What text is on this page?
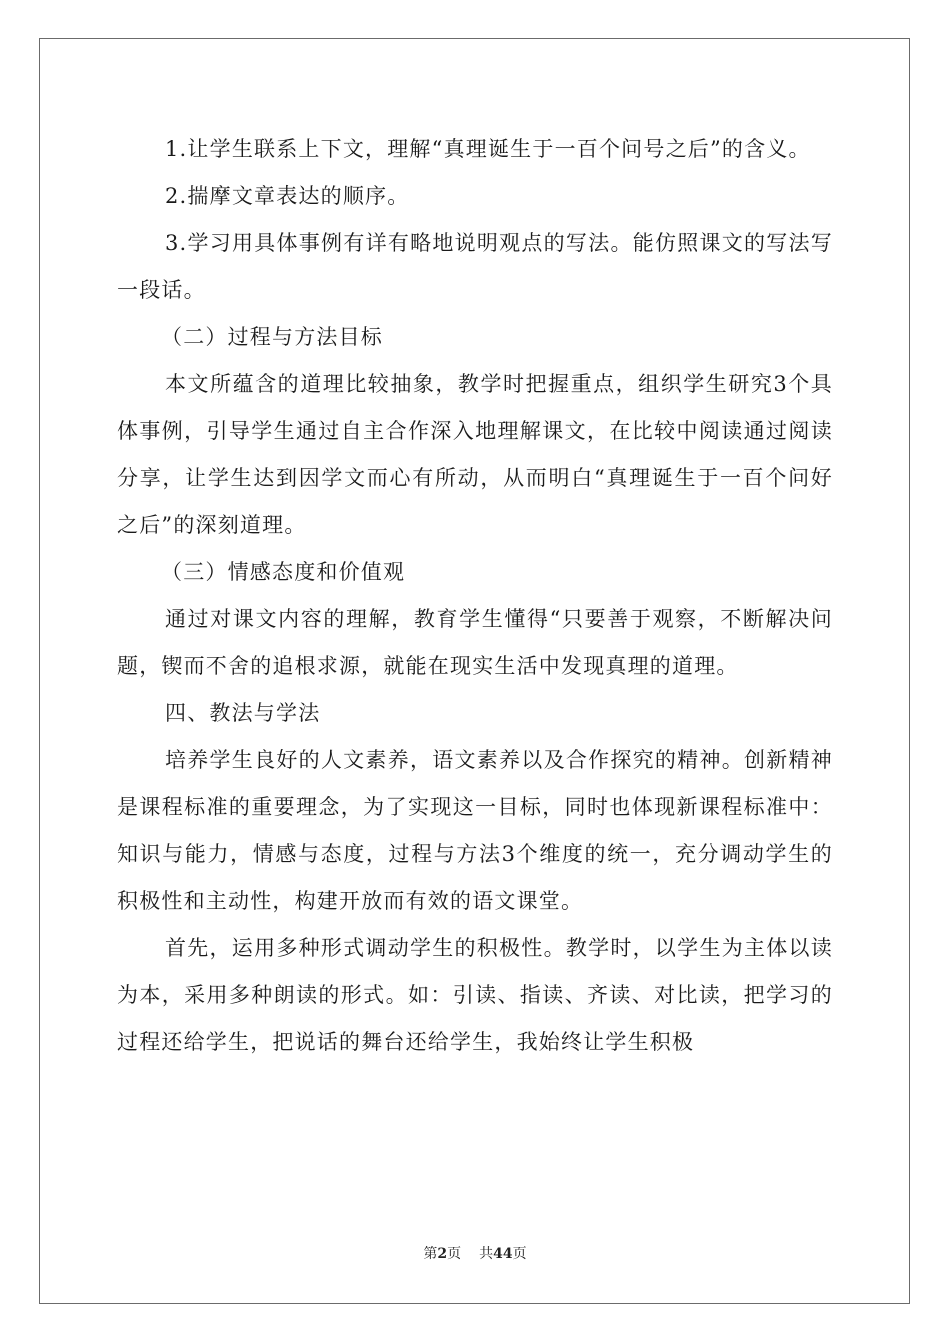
1.让学生联系上下文，理解“真理诞生于一百个问号之后”的含义。

2.揣摩文章表达的顺序。

3.学习用具体事例有详有略地说明观点的写法。能仿照课文的写法写一段话。

（二）过程与方法目标

本文所蕴含的道理比较抽象，教学时把握重点，组织学生研究3个具体事例，引导学生通过自主合作深入地理解课文，在比较中阅读通过阅读分享，让学生达到因学文而心有所动，从而明白“真理诞生于一百个问好之后”的深刻道理。

（三）情感态度和价值观

通过对课文内容的理解，教育学生懂得“只要善于观察，不断解决问题，锲而不舍的追根求源，就能在现实生活中发现真理的道理。

四、教法与学法

培养学生良好的人文素养，语文素养以及合作探究的精神。创新精神是课程标准的重要理念，为了实现这一目标，同时也体现新课程标准中：知识与能力，情感与态度，过程与方法3个维度的统一，充分调动学生的积极性和主动性，构建开放而有效的语文课堂。

首先，运用多种形式调动学生的积极性。教学时，以学生为主体以读为本，采用多种朗读的形式。如：引读、指读、齐读、对比读，把学习的过程还给学生，把说话的舞台还给学生，我始终让学生积极

第2页 共44页
